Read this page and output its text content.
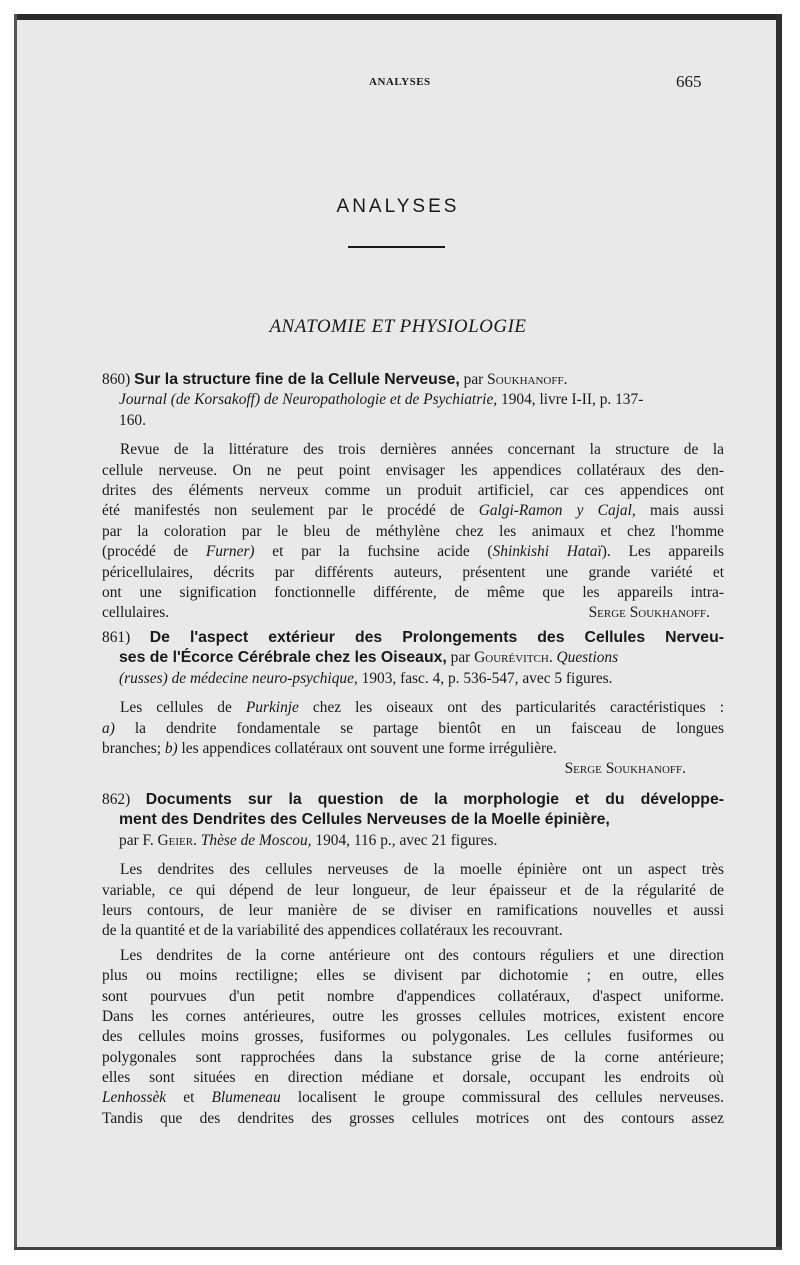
ANALYSES	665
ANALYSES
ANATOMIE ET PHYSIOLOGIE
860) Sur la structure fine de la Cellule Nerveuse, par Soukhanoff.
Journal (de Korsakoff) de Neuropathologie et de Psychiatrie, 1904, livre I-II, p. 137-
160.
Revue de la littérature des trois dernières années concernant la structure de la
cellule nerveuse. On ne peut point envisager les appendices collatéraux des den-
drites des éléments nerveux comme un produit artificiel, car ces appendices ont
été manifestés non seulement par le procédé de Galgi-Ramon y Cajal, mais aussi
par la coloration par le bleu de méthylène chez les animaux et chez l'homme
(procédé de Furner) et par la fuchsine acide (Shinkishi Hataï). Les appareils
péricellulaires, décrits par différents auteurs, présentent une grande variété et
ont une signification fonctionnelle différente, de même que les appareils intra-
cellulaires.	Serge Soukhanoff.
861) De l'aspect extérieur des Prolongements des Cellules Nerveu-
ses de l'Écorce Cérébrale chez les Oiseaux, par Gourévitch. Questions
(russes) de médecine neuro-psychique, 1903, fasc. 4, p. 536-547, avec 5 figures.
Les cellules de Purkinje chez les oiseaux ont des particularités caractéristiques :
a) la dendrite fondamentale se partage bientôt en un faisceau de longues
branches; b) les appendices collatéraux ont souvent une forme irrégulière.
Serge Soukhanoff.
862) Documents sur la question de la morphologie et du développe-
ment des Dendrites des Cellules Nerveuses de la Moelle épinière,
par F. Geier. Thèse de Moscou, 1904, 116 p., avec 21 figures.
Les dendrites des cellules nerveuses de la moelle épinière ont un aspect très
variable, ce qui dépend de leur longueur, de leur épaisseur et de la régularité de
leurs contours, de leur manière de se diviser en ramifications nouvelles et aussi
de la quantité et de la variabilité des appendices collatéraux les recouvrant.
Les dendrites de la corne antérieure ont des contours réguliers et une direction
plus ou moins rectiligne; elles se divisent par dichotomie ; en outre, elles
sont pourvues d'un petit nombre d'appendices collatéraux, d'aspect uniforme.
Dans les cornes antérieures, outre les grosses cellules motrices, existent encore
des cellules moins grosses, fusiformes ou polygonales. Les cellules fusiformes ou
polygonales sont rapprochées dans la substance grise de la corne antérieure;
elles sont situées en direction médiane et dorsale, occupant les endroits où
Lenhossèk et Blumeneau localisent le groupe commissural des cellules nerveuses.
Tandis que des dendrites des grosses cellules motrices ont des contours assez
